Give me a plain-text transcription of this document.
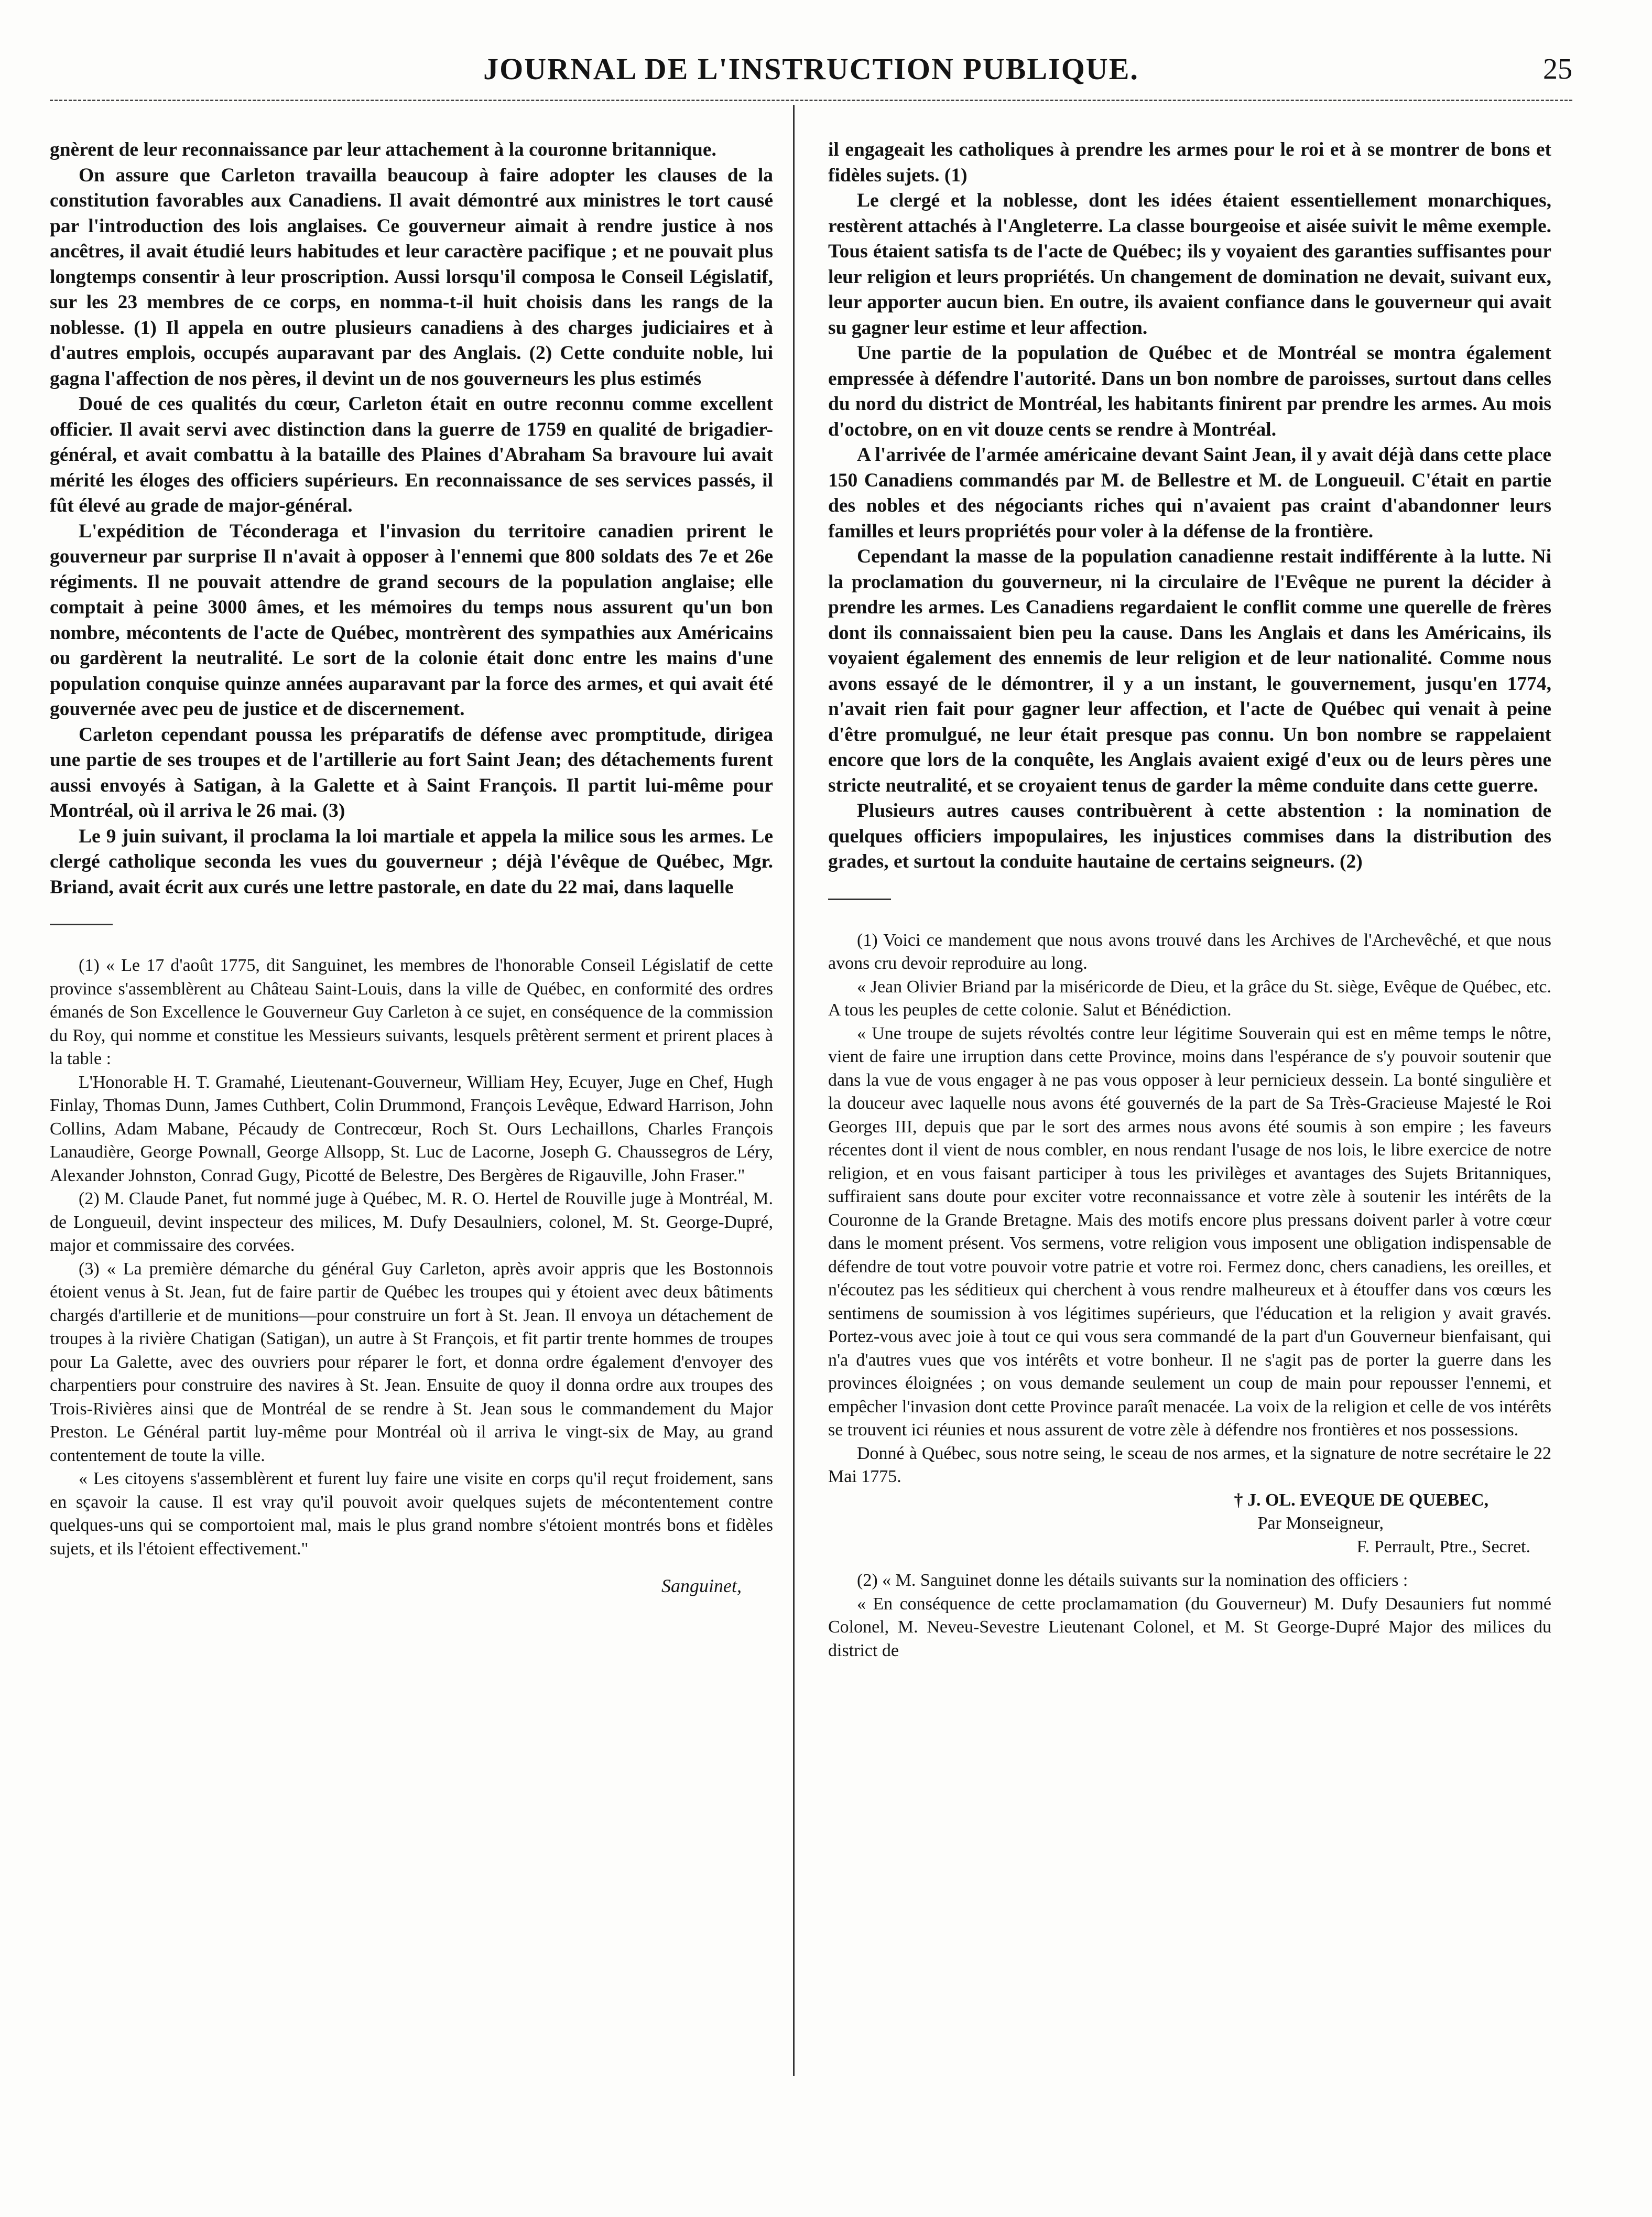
JOURNAL DE L'INSTRUCTION PUBLIQUE.	25

gnèrent de leur reconnaissance par leur attachement à la couronne britannique.

On assure que Carleton travailla beaucoup à faire adopter les clauses de la constitution favorables aux Canadiens. Il avait démontré aux ministres le tort causé par l'introduction des lois anglaises. Ce gouverneur aimait à rendre justice à nos ancêtres, il avait étudié leurs habitudes et leur caractère pacifique ; et ne pouvait plus longtemps consentir à leur proscription. Aussi lorsqu'il composa le Conseil Législatif, sur les 23 membres de ce corps, en nomma-t-il huit choisis dans les rangs de la noblesse. (1) Il appela en outre plusieurs canadiens à des charges judiciaires et à d'autres emplois, occupés auparavant par des Anglais. (2) Cette conduite noble, lui gagna l'affection de nos pères, il devint un de nos gouverneurs les plus estimés

Doué de ces qualités du cœur, Carleton était en outre reconnu comme excellent officier. Il avait servi avec distinction dans la guerre de 1759 en qualité de brigadier-général, et avait combattu à la bataille des Plaines d'Abraham Sa bravoure lui avait mérité les éloges des officiers supérieurs. En reconnaissance de ses services passés, il fût élevé au grade de major-général.

L'expédition de Téconderaga et l'invasion du territoire canadien prirent le gouverneur par surprise Il n'avait à opposer à l'ennemi que 800 soldats des 7e et 26e régiments. Il ne pouvait attendre de grand secours de la population anglaise; elle comptait à peine 3000 âmes, et les mémoires du temps nous assurent qu'un bon nombre, mécontents de l'acte de Québec, montrèrent des sympathies aux Américains ou gardèrent la neutralité. Le sort de la colonie était donc entre les mains d'une population conquise quinze années auparavant par la force des armes, et qui avait été gouvernée avec peu de justice et de discernement.

Carleton cependant poussa les préparatifs de défense avec promptitude, dirigea une partie de ses troupes et de l'artillerie au fort Saint Jean; des détachements furent aussi envoyés à Satigan, à la Galette et à Saint François. Il partit lui-même pour Montréal, où il arriva le 26 mai. (3)

Le 9 juin suivant, il proclama la loi martiale et appela la milice sous les armes. Le clergé catholique seconda les vues du gouverneur ; déjà l'évêque de Québec, Mgr. Briand, avait écrit aux curés une lettre pastorale, en date du 22 mai, dans laquelle

(1) « Le 17 d'août 1775, dit Sanguinet, les membres de l'honorable Conseil Législatif de cette province s'assemblèrent au Château Saint-Louis, dans la ville de Québec, en conformité des ordres émanés de Son Excellence le Gouverneur Guy Carleton à ce sujet, en conséquence de la commission du Roy, qui nomme et constitue les Messieurs suivants, lesquels prêtèrent serment et prirent places à la table :

L'Honorable H. T. Gramahé, Lieutenant-Gouverneur, William Hey, Ecuyer, Juge en Chef, Hugh Finlay, Thomas Dunn, James Cuthbert, Colin Drummond, François Levêque, Edward Harrison, John Collins, Adam Mabane, Pécaudy de Contrecœur, Roch St. Ours Lechaillons, Charles François Lanaudière, George Pownall, George Allsopp, St. Luc de Lacorne, Joseph G. Chaussegros de Léry, Alexander Johnston, Conrad Gugy, Picotté de Belestre, Des Bergères de Rigauville, John Fraser."

(2) M. Claude Panet, fut nommé juge à Québec, M. R. O. Hertel de Rouville juge à Montréal, M. de Longueuil, devint inspecteur des milices, M. Dufy Desaulniers, colonel, M. St. George-Dupré, major et commissaire des corvées.

(3) « La première démarche du général Guy Carleton, après avoir appris que les Bostonnois étoient venus à St. Jean, fut de faire partir de Québec les troupes qui y étoient avec deux bâtiments chargés d'artillerie et de munitions—pour construire un fort à St. Jean. Il envoya un détachement de troupes à la rivière Chatigan (Satigan), un autre à St François, et fit partir trente hommes de troupes pour La Galette, avec des ouvriers pour réparer le fort, et donna ordre également d'envoyer des charpentiers pour construire des navires à St. Jean. Ensuite de quoy il donna ordre aux troupes des Trois-Rivières ainsi que de Montréal de se rendre à St. Jean sous le commandement du Major Preston. Le Général partit luy-même pour Montréal où il arriva le vingt-six de May, au grand contentement de toute la ville.

« Les citoyens s'assemblèrent et furent luy faire une visite en corps qu'il reçut froidement, sans en sçavoir la cause. Il est vray qu'il pouvoit avoir quelques sujets de mécontentement contre quelques-uns qui se comportoient mal, mais le plus grand nombre s'étoient montrés bons et fidèles sujets, et ils l'étoient effectivement."

Sanguinet,

il engageait les catholiques à prendre les armes pour le roi et à se montrer de bons et fidèles sujets. (1)

Le clergé et la noblesse, dont les idées étaient essentiellement monarchiques, restèrent attachés à l'Angleterre. La classe bourgeoise et aisée suivit le même exemple. Tous étaient satisfa ts de l'acte de Québec; ils y voyaient des garanties suffisantes pour leur religion et leurs propriétés. Un changement de domination ne devait, suivant eux, leur apporter aucun bien. En outre, ils avaient confiance dans le gouverneur qui avait su gagner leur estime et leur affection.

Une partie de la population de Québec et de Montréal se montra également empressée à défendre l'autorité. Dans un bon nombre de paroisses, surtout dans celles du nord du district de Montréal, les habitants finirent par prendre les armes. Au mois d'octobre, on en vit douze cents se rendre à Montréal.

A l'arrivée de l'armée américaine devant Saint Jean, il y avait déjà dans cette place 150 Canadiens commandés par M. de Bellestre et M. de Longueuil. C'était en partie des nobles et des négociants riches qui n'avaient pas craint d'abandonner leurs familles et leurs propriétés pour voler à la défense de la frontière.

Cependant la masse de la population canadienne restait indifférente à la lutte. Ni la proclamation du gouverneur, ni la circulaire de l'Evêque ne purent la décider à prendre les armes. Les Canadiens regardaient le conflit comme une querelle de frères dont ils connaissaient bien peu la cause. Dans les Anglais et dans les Américains, ils voyaient également des ennemis de leur religion et de leur nationalité. Comme nous avons essayé de le démontrer, il y a un instant, le gouvernement, jusqu'en 1774, n'avait rien fait pour gagner leur affection, et l'acte de Québec qui venait à peine d'être promulgué, ne leur était presque pas connu. Un bon nombre se rappelaient encore que lors de la conquête, les Anglais avaient exigé d'eux ou de leurs pères une stricte neutralité, et se croyaient tenus de garder la même conduite dans cette guerre.

Plusieurs autres causes contribuèrent à cette abstention : la nomination de quelques officiers impopulaires, les injustices commises dans la distribution des grades, et surtout la conduite hautaine de certains seigneurs. (2)

(1) Voici ce mandement que nous avons trouvé dans les Archives de l'Archevêché, et que nous avons cru devoir reproduire au long.

« Jean Olivier Briand par la miséricorde de Dieu, et la grâce du St. siège, Evêque de Québec, etc. A tous les peuples de cette colonie. Salut et Bénédiction.

« Une troupe de sujets révoltés contre leur légitime Souverain qui est en même temps le nôtre, vient de faire une irruption dans cette Province, moins dans l'espérance de s'y pouvoir soutenir que dans la vue de vous engager à ne pas vous opposer à leur pernicieux dessein. La bonté singulière et la douceur avec laquelle nous avons été gouvernés de la part de Sa Très-Gracieuse Majesté le Roi Georges III, depuis que par le sort des armes nous avons été soumis à son empire ; les faveurs récentes dont il vient de nous combler, en nous rendant l'usage de nos lois, le libre exercice de notre religion, et en vous faisant participer à tous les privilèges et avantages des Sujets Britanniques, suffiraient sans doute pour exciter votre reconnaissance et votre zèle à soutenir les intérêts de la Couronne de la Grande Bretagne. Mais des motifs encore plus pressans doivent parler à votre cœur dans le moment présent. Vos sermens, votre religion vous imposent une obligation indispensable de défendre de tout votre pouvoir votre patrie et votre roi. Fermez donc, chers canadiens, les oreilles, et n'écoutez pas les séditieux qui cherchent à vous rendre malheureux et à étouffer dans vos cœurs les sentimens de soumission à vos légitimes supérieurs, que l'éducation et la religion y avait gravés. Portez-vous avec joie à tout ce qui vous sera commandé de la part d'un Gouverneur bienfaisant, qui n'a d'autres vues que vos intérêts et votre bonheur. Il ne s'agit pas de porter la guerre dans les provinces éloignées ; on vous demande seulement un coup de main pour repousser l'ennemi, et empêcher l'invasion dont cette Province paraît menacée. La voix de la religion et celle de vos intérêts se trouvent ici réunies et nous assurent de votre zèle à défendre nos frontières et nos possessions.

Donné à Québec, sous notre seing, le sceau de nos armes, et la signature de notre secrétaire le 22 Mai 1775.

† J. OL. EVEQUE DE QUEBEC,

Par Monseigneur,

F. Perrault, Ptre., Secret.

(2) « M. Sanguinet donne les détails suivants sur la nomination des officiers :

« En conséquence de cette proclamamation (du Gouverneur) M. Dufy Desauniers fut nommé Colonel, M. Neveu-Sevestre Lieutenant Colonel, et M. St George-Dupré Major des milices du district de
